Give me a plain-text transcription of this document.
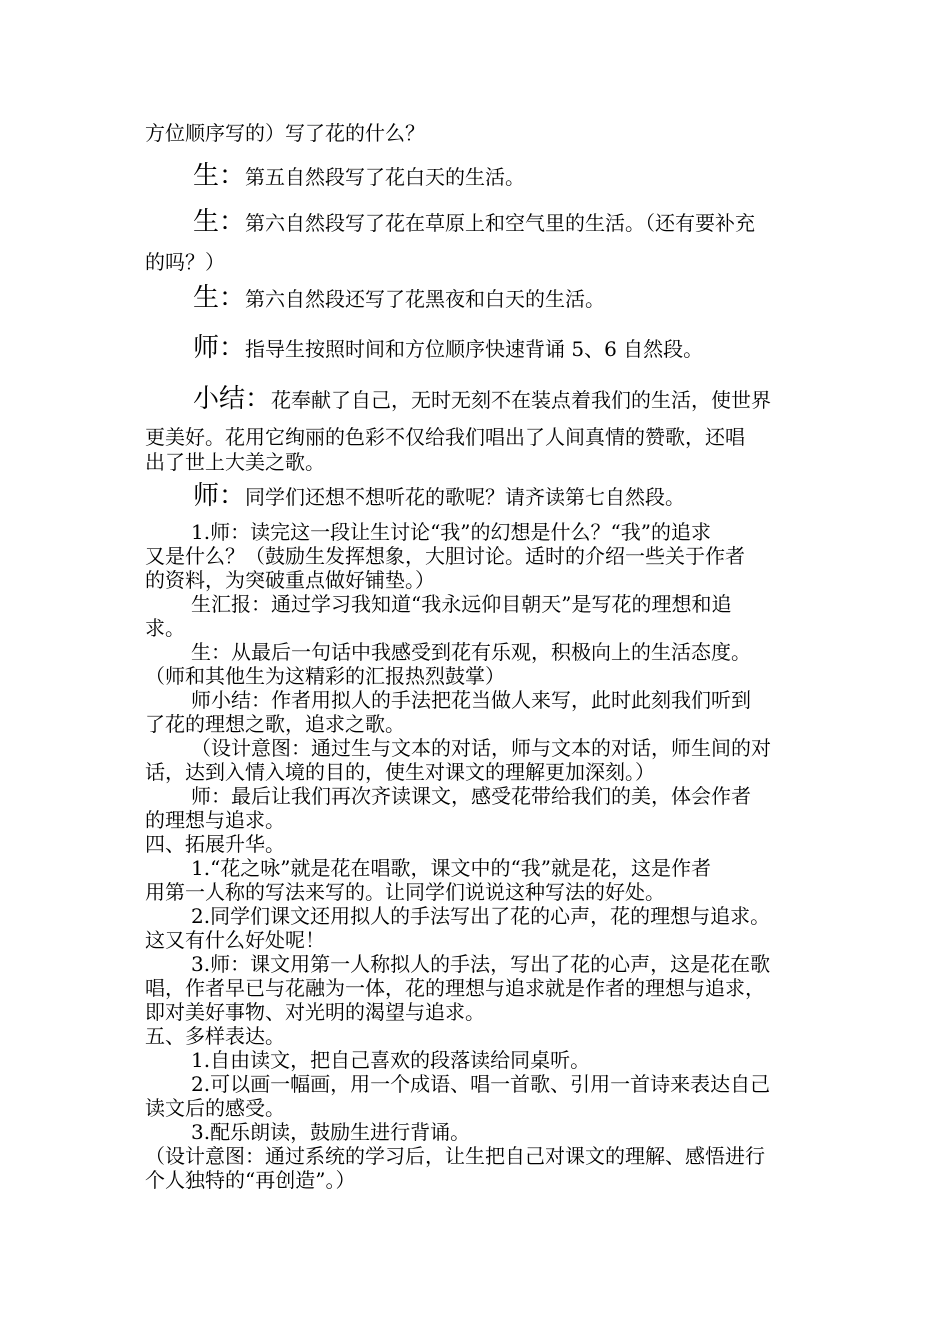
方位顺序写的）写了花的什么？
生：第五自然段写了花白天的生活。
生：第六自然段写了花在草原上和空气里的生活。（还有要补充
的吗？）
生：第六自然段还写了花黑夜和白天的生活。
师：指导生按照时间和方位顺序快速背诵 5、6 自然段。
小结：花奉献了自己，无时无刻不在装点着我们的生活，使世界
更美好。花用它绚丽的色彩不仅给我们唱出了人间真情的赞歌，还唱
出了世上大美之歌。
师：同学们还想不想听花的歌呢？请齐读第七自然段。
1.师：读完这一段让生讨论“我”的幻想是什么？“我”的追求
又是什么？（鼓励生发挥想象，大胆讨论。适时的介绍一些关于作者
的资料，为突破重点做好铺垫。）
生汇报：通过学习我知道“我永远仰目朝天”是写花的理想和追
求。
生：从最后一句话中我感受到花有乐观，积极向上的生活态度。
（师和其他生为这精彩的汇报热烈鼓掌）
师小结：作者用拟人的手法把花当做人来写，此时此刻我们听到
了花的理想之歌，追求之歌。
（设计意图：通过生与文本的对话，师与文本的对话，师生间的对
话，达到入情入境的目的，使生对课文的理解更加深刻。）
师：最后让我们再次齐读课文，感受花带给我们的美，体会作者
的理想与追求。
四、拓展升华。
1.“花之咏”就是花在唱歌，课文中的“我”就是花，这是作者
用第一人称的写法来写的。让同学们说说这种写法的好处。
2.同学们课文还用拟人的手法写出了花的心声，花的理想与追求。
这又有什么好处呢！
3.师：课文用第一人称拟人的手法，写出了花的心声，这是花在歌
唱，作者早已与花融为一体，花的理想与追求就是作者的理想与追求，
即对美好事物、对光明的渴望与追求。
五、多样表达。
1.自由读文，把自己喜欢的段落读给同桌听。
2.可以画一幅画，用一个成语、唱一首歌、引用一首诗来表达自己
读文后的感受。
3.配乐朗读，鼓励生进行背诵。
（设计意图：通过系统的学习后，让生把自己对课文的理解、感悟进行
个人独特的“再创造”。）
